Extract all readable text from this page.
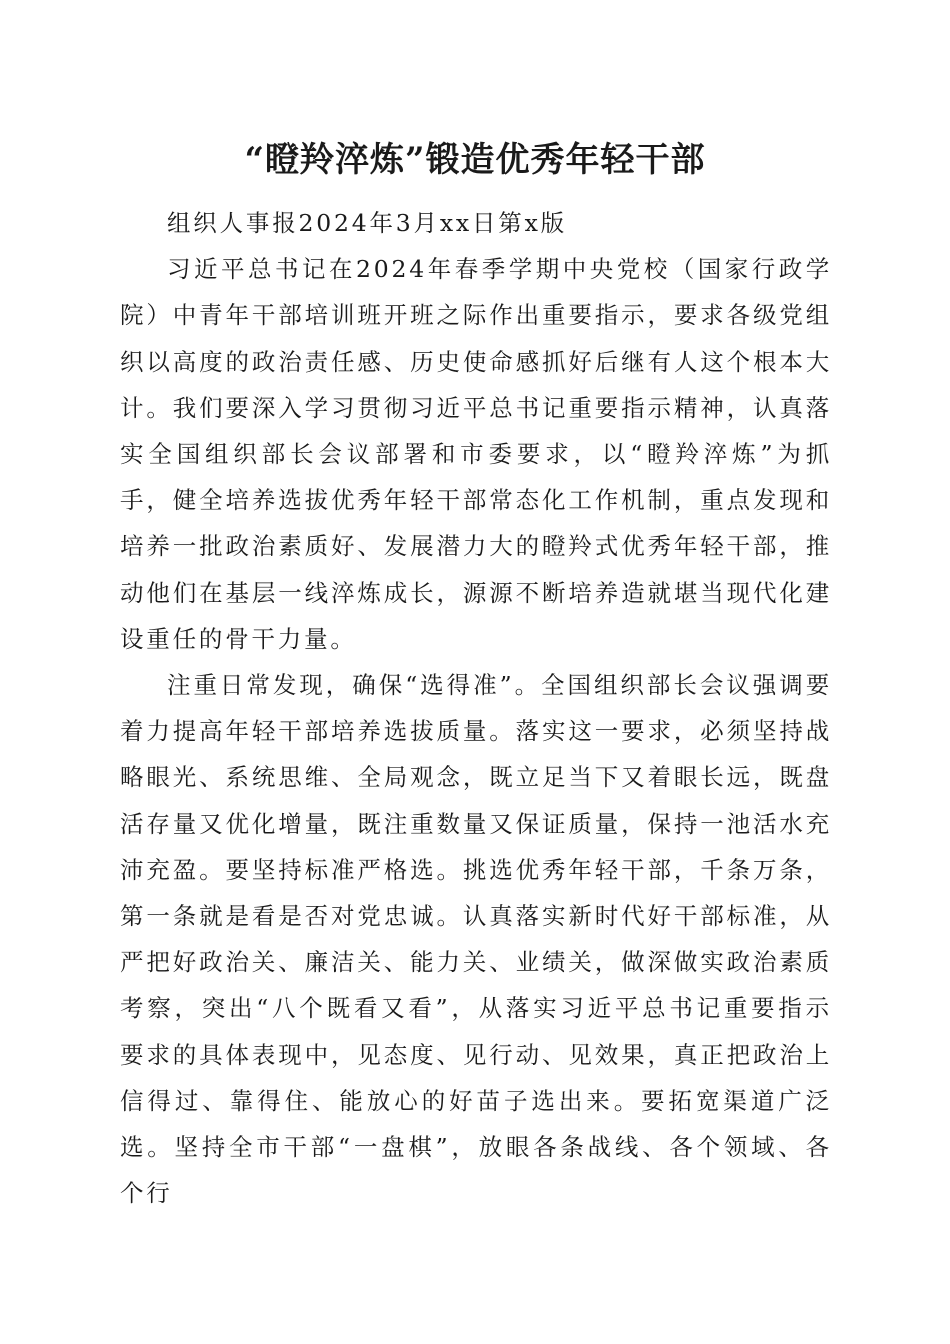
“瞪羚淬炼”锻造优秀年轻干部

组织人事报2024年3月xx日第x版

习近平总书记在2024年春季学期中央党校（国家行政学院）中青年干部培训班开班之际作出重要指示，要求各级党组织以高度的政治责任感、历史使命感抓好后继有人这个根本大计。我们要深入学习贯彻习近平总书记重要指示精神，认真落实全国组织部长会议部署和市委要求，以“瞪羚淬炼”为抓手，健全培养选拔优秀年轻干部常态化工作机制，重点发现和培养一批政治素质好、发展潜力大的瞪羚式优秀年轻干部，推动他们在基层一线淬炼成长，源源不断培养造就堪当现代化建设重任的骨干力量。

注重日常发现，确保“选得准”。全国组织部长会议强调要着力提高年轻干部培养选拔质量。落实这一要求，必须坚持战略眼光、系统思维、全局观念，既立足当下又着眼长远，既盘活存量又优化增量，既注重数量又保证质量，保持一池活水充沛充盈。要坚持标准严格选。挑选优秀年轻干部，千条万条，第一条就是看是否对党忠诚。认真落实新时代好干部标准，从严把好政治关、廉洁关、能力关、业绩关，做深做实政治素质考察，突出“八个既看又看”，从落实习近平总书记重要指示要求的具体表现中，见态度、见行动、见效果，真正把政治上信得过、靠得住、能放心的好苗子选出来。要拓宽渠道广泛选。坚持全市干部“一盘棋”，放眼各条战线、各个领域、各个行
